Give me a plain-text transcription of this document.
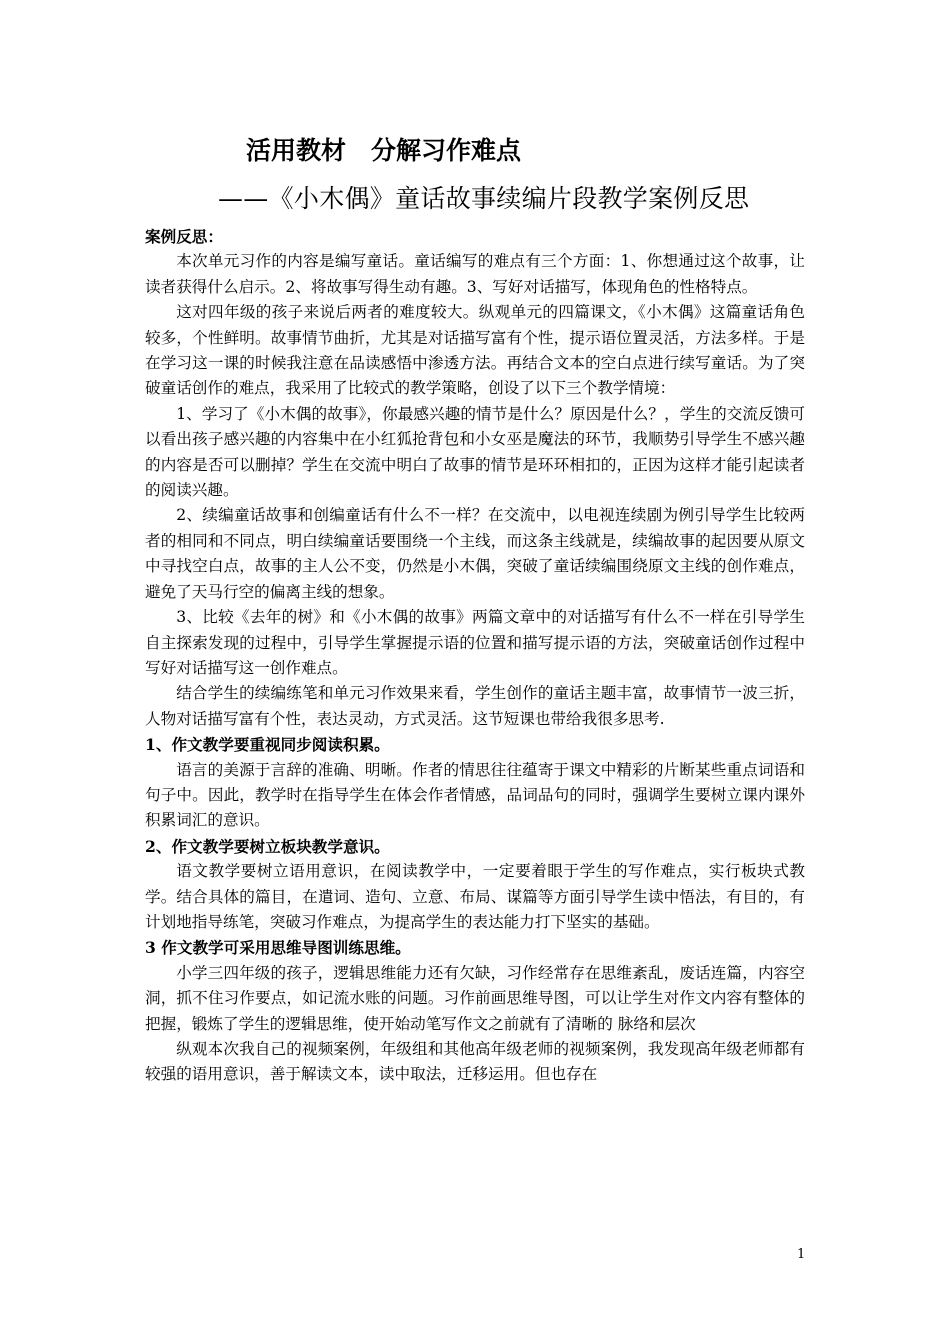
活用教材　分解习作难点
——《小木偶》童话故事续编片段教学案例反思

案例反思：

本次单元习作的内容是编写童话。童话编写的难点有三个方面：1、你想通过这个故事，让读者获得什么启示。2、将故事写得生动有趣。3、写好对话描写，体现角色的性格特点。

这对四年级的孩子来说后两者的难度较大。纵观单元的四篇课文，《小木偶》这篇童话角色较多，个性鲜明。故事情节曲折，尤其是对话描写富有个性，提示语位置灵活，方法多样。于是在学习这一课的时候我注意在品读感悟中渗透方法。再结合文本的空白点进行续写童话。为了突破童话创作的难点，我采用了比较式的教学策略，创设了以下三个教学情境：

1、学习了《小木偶的故事》，你最感兴趣的情节是什么？原因是什么？，学生的交流反馈可以看出孩子感兴趣的内容集中在小红狐抢背包和小女巫是魔法的环节，我顺势引导学生不感兴趣的内容是否可以删掉？学生在交流中明白了故事的情节是环环相扣的，正因为这样才能引起读者的阅读兴趣。

2、续编童话故事和创编童话有什么不一样？在交流中，以电视连续剧为例引导学生比较两者的相同和不同点，明白续编童话要围绕一个主线，而这条主线就是，续编故事的起因要从原文中寻找空白点，故事的主人公不变，仍然是小木偶，突破了童话续编围绕原文主线的创作难点，避免了天马行空的偏离主线的想象。

3、比较《去年的树》和《小木偶的故事》两篇文章中的对话描写有什么不一样在引导学生自主探索发现的过程中，引导学生掌握提示语的位置和描写提示语的方法，突破童话创作过程中写好对话描写这一创作难点。

结合学生的续编练笔和单元习作效果来看，学生创作的童话主题丰富，故事情节一波三折，人物对话描写富有个性，表达灵动，方式灵活。这节短课也带给我很多思考.

1、作文教学要重视同步阅读积累。

语言的美源于言辞的准确、明晰。作者的情思往往蕴寄于课文中精彩的片断某些重点词语和句子中。因此，教学时在指导学生在体会作者情感，品词品句的同时，强调学生要树立课内课外积累词汇的意识。

2、作文教学要树立板块教学意识。

语文教学要树立语用意识，在阅读教学中，一定要着眼于学生的写作难点，实行板块式教学。结合具体的篇目，在遣词、造句、立意、布局、谋篇等方面引导学生读中悟法，有目的，有计划地指导练笔，突破习作难点，为提高学生的表达能力打下坚实的基础。

3 作文教学可采用思维导图训练思维。

小学三四年级的孩子，逻辑思维能力还有欠缺，习作经常存在思维紊乱，废话连篇，内容空洞，抓不住习作要点，如记流水账的问题。习作前画思维导图，可以让学生对作文内容有整体的把握，锻炼了学生的逻辑思维，使开始动笔写作文之前就有了清晰的 脉络和层次

纵观本次我自己的视频案例，年级组和其他高年级老师的视频案例，我发现高年级老师都有较强的语用意识，善于解读文本，读中取法，迁移运用。但也存在

1
